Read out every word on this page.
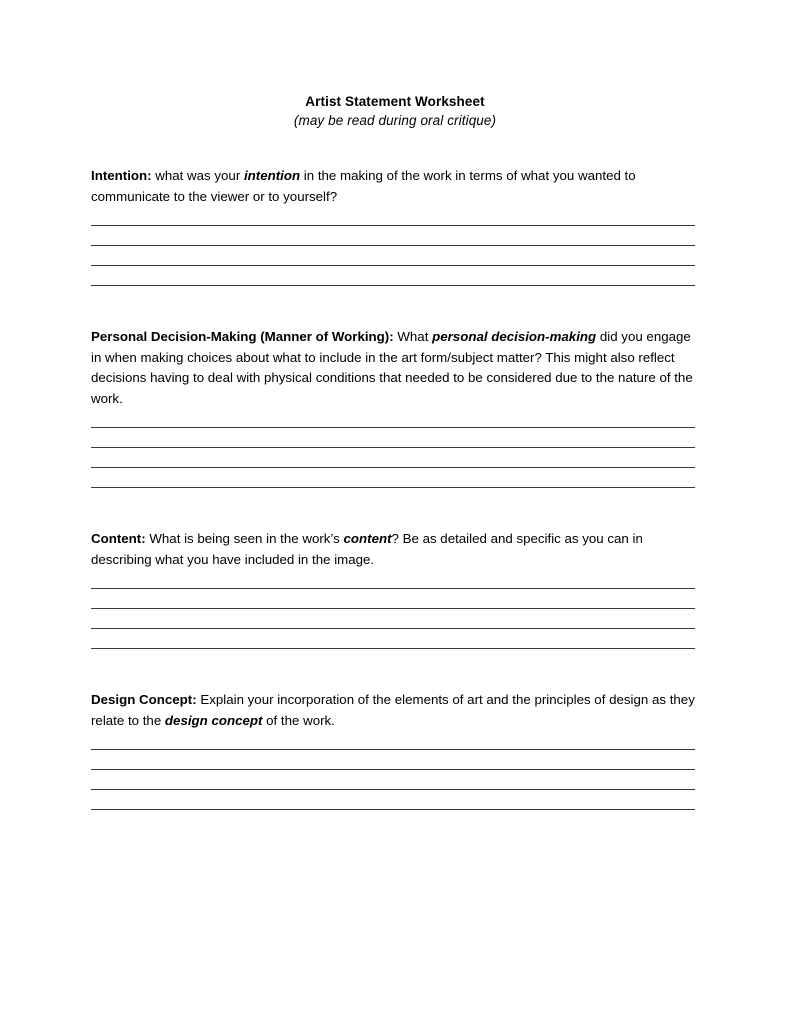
Artist Statement Worksheet
(may be read during oral critique)

Intention: what was your intention in the making of the work in terms of what you wanted to communicate to the viewer or to yourself?

Personal Decision-Making (Manner of Working): What personal decision-making did you engage in when making choices about what to include in the art form/subject matter? This might also reflect decisions having to deal with physical conditions that needed to be considered due to the nature of the work.

Content: What is being seen in the work’s content? Be as detailed and specific as you can in describing what you have included in the image.

Design Concept: Explain your incorporation of the elements of art and the principles of design as they relate to the design concept of the work.
